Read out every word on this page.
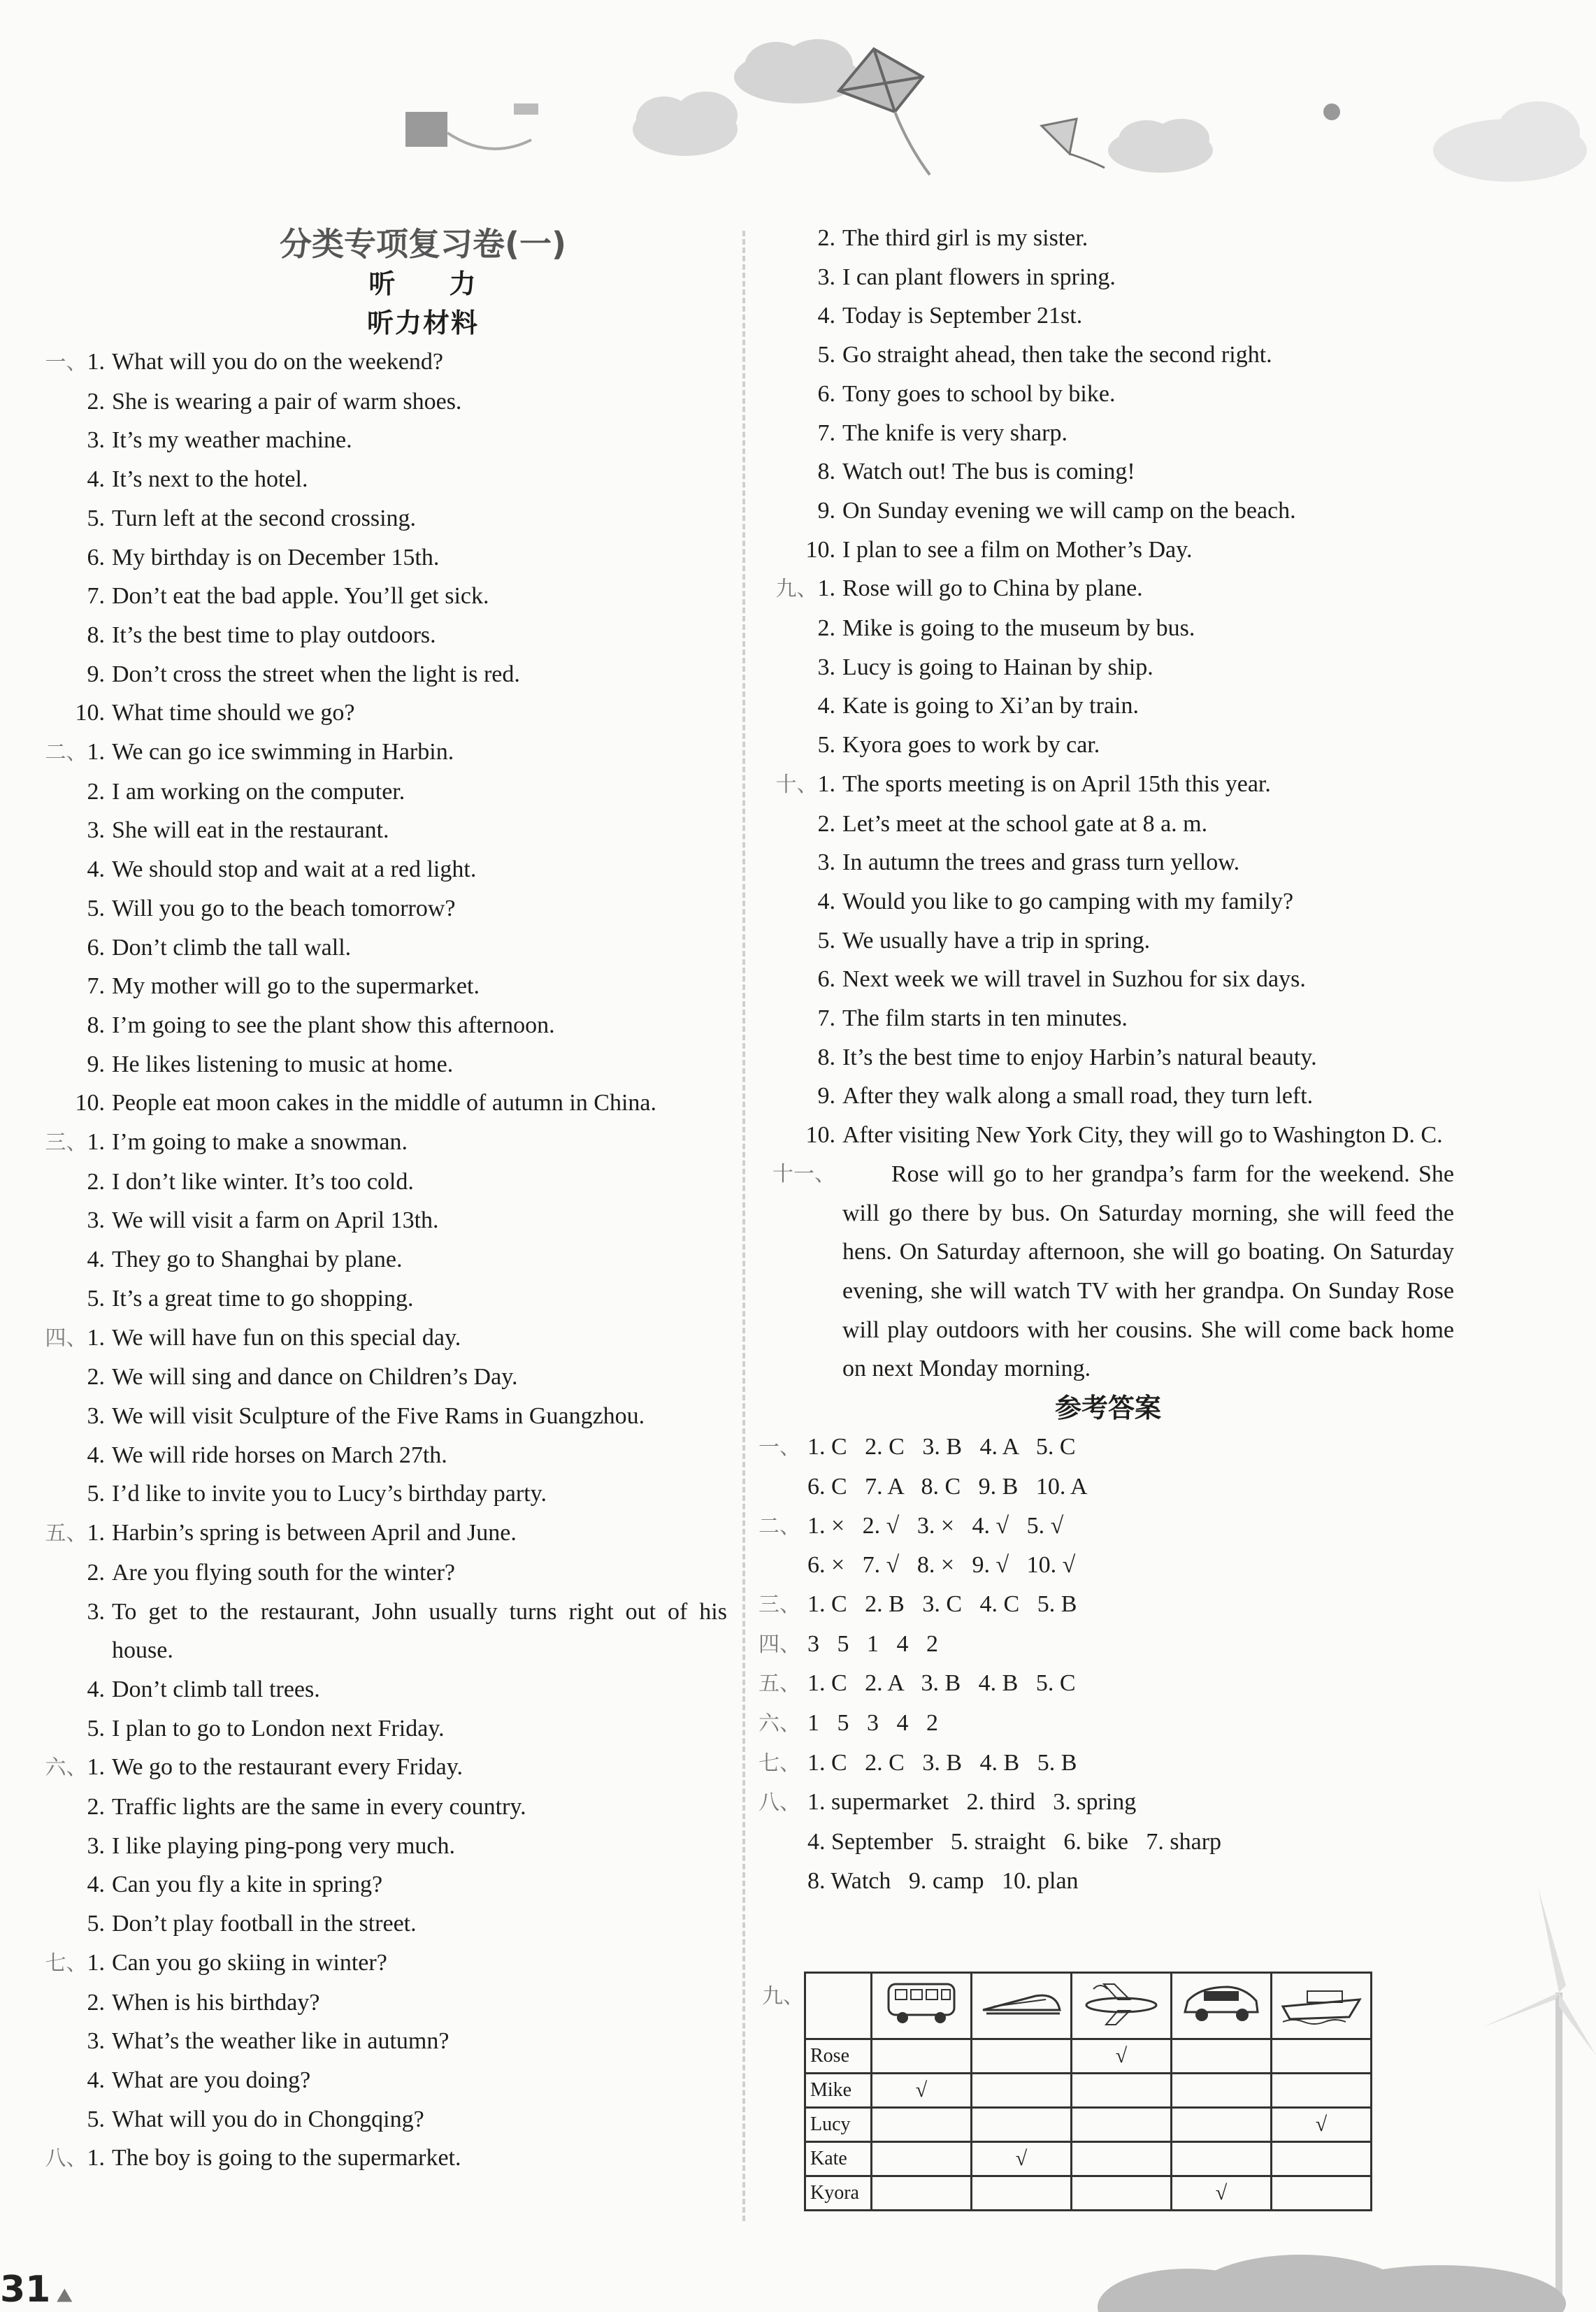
分类专项复习卷(一)
听 力
听力材料
一、1. What will you do on the weekend?
2. She is wearing a pair of warm shoes.
3. It’s my weather machine.
4. It’s next to the hotel.
5. Turn left at the second crossing.
6. My birthday is on December 15th.
7. Don’t eat the bad apple. You’ll get sick.
8. It’s the best time to play outdoors.
9. Don’t cross the street when the light is red.
10. What time should we go?
二、1. We can go ice swimming in Harbin.
2. I am working on the computer.
3. She will eat in the restaurant.
4. We should stop and wait at a red light.
5. Will you go to the beach tomorrow?
6. Don’t climb the tall wall.
7. My mother will go to the supermarket.
8. I’m going to see the plant show this afternoon.
9. He likes listening to music at home.
10. People eat moon cakes in the middle of autumn in China.
三、1. I’m going to make a snowman.
2. I don’t like winter. It’s too cold.
3. We will visit a farm on April 13th.
4. They go to Shanghai by plane.
5. It’s a great time to go shopping.
四、1. We will have fun on this special day.
2. We will sing and dance on Children’s Day.
3. We will visit Sculpture of the Five Rams in Guangzhou.
4. We will ride horses on March 27th.
5. I’d like to invite you to Lucy’s birthday party.
五、1. Harbin’s spring is between April and June.
2. Are you flying south for the winter?
3. To get to the restaurant, John usually turns right out of his house.
4. Don’t climb tall trees.
5. I plan to go to London next Friday.
六、1. We go to the restaurant every Friday.
2. Traffic lights are the same in every country.
3. I like playing ping-pong very much.
4. Can you fly a kite in spring?
5. Don’t play football in the street.
七、1. Can you go skiing in winter?
2. When is his birthday?
3. What’s the weather like in autumn?
4. What are you doing?
5. What will you do in Chongqing?
八、1. The boy is going to the supermarket.
2. The third girl is my sister.
3. I can plant flowers in spring.
4. Today is September 21st.
5. Go straight ahead, then take the second right.
6. Tony goes to school by bike.
7. The knife is very sharp.
8. Watch out! The bus is coming!
9. On Sunday evening we will camp on the beach.
10. I plan to see a film on Mother’s Day.
九、1. Rose will go to China by plane.
2. Mike is going to the museum by bus.
3. Lucy is going to Hainan by ship.
4. Kate is going to Xi’an by train.
5. Kyora goes to work by car.
十、1. The sports meeting is on April 15th this year.
2. Let’s meet at the school gate at 8 a. m.
3. In autumn the trees and grass turn yellow.
4. Would you like to go camping with my family?
5. We usually have a trip in spring.
6. Next week we will travel in Suzhou for six days.
7. The film starts in ten minutes.
8. It’s the best time to enjoy Harbin’s natural beauty.
9. After they walk along a small road, they turn left.
10. After visiting New York City, they will go to Washington D. C.
十一、 Rose will go to her grandpa’s farm for the weekend. She will go there by bus. On Saturday morning, she will feed the hens. On Saturday afternoon, she will go boating. On Saturday evening, she will watch TV with her grandpa. On Sunday Rose will play outdoors with her cousins. She will come back home on next Monday morning.
参考答案
一、 1. C   2. C   3. B   4. A   5. C
6. C   7. A   8. C   9. B   10. A
二、 1. ×   2. √   3. ×   4. √   5. √
6. ×   7. √   8. ×   9. √   10. √
三、 1. C   2. B   3. C   4. C   5. B
四、 3   5   1   4   2
五、 1. C   2. A   3. B   4. B   5. C
六、 1   5   3   4   2
七、 1. C   2. C   3. B   4. B   5. B
八、 1. supermarket   2. third   3. spring
4. September   5. straight   6. bike   7. sharp
8. Watch   9. camp   10. plan
九、

Rose			√		
Mike	√				
Lucy					√
Kate		√			
Kyora				√	
31 ⛰
